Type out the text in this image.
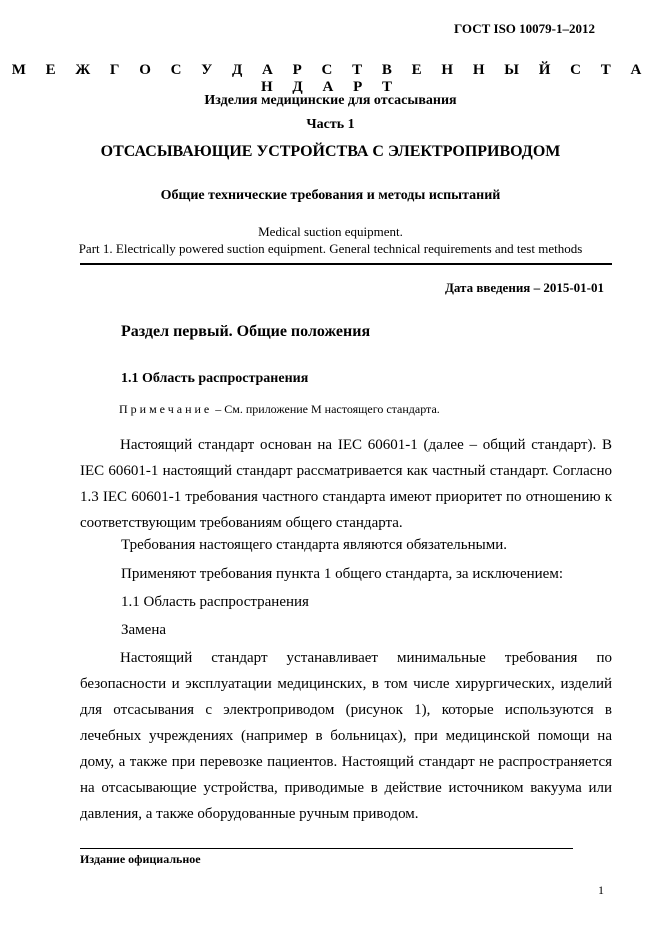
ГОСТ ISO 10079-1–2012
М Е Ж Г О С У Д А Р С Т В Е Н Н Ы Й С Т А Н Д А Р Т
Изделия медицинские для отсасывания
Часть 1
ОТСАСЫВАЮЩИЕ УСТРОЙСТВА С ЭЛЕКТРОПРИВОДОМ
Общие технические требования и методы испытаний
Medical suction equipment.
Part 1. Electrically powered suction equipment. General technical requirements and test methods
Дата введения – 2015-01-01
Раздел первый. Общие положения
1.1 Область распространения
Примечание – См. приложение М настоящего стандарта.
Настоящий стандарт основан на IEC 60601-1 (далее – общий стандарт). В IEC 60601-1 настоящий стандарт рассматривается как частный стандарт. Согласно 1.3 IEC 60601-1 требования частного стандарта имеют приоритет по отношению к соответствующим требованиям общего стандарта.
Требования настоящего стандарта являются обязательными.
Применяют требования пункта 1 общего стандарта, за исключением:
1.1 Область распространения
Замена
Настоящий стандарт устанавливает минимальные требования по безопасности и эксплуатации медицинских, в том числе хирургических, изделий для отсасывания с электроприводом (рисунок 1), которые используются в лечебных учреждениях (например в больницах), при медицинской помощи на дому, а также при перевозке пациентов. Настоящий стандарт не распространяется на отсасывающие устройства, приводимые в действие источником вакуума или давления, а также оборудованные ручным приводом.
Издание официальное
1
